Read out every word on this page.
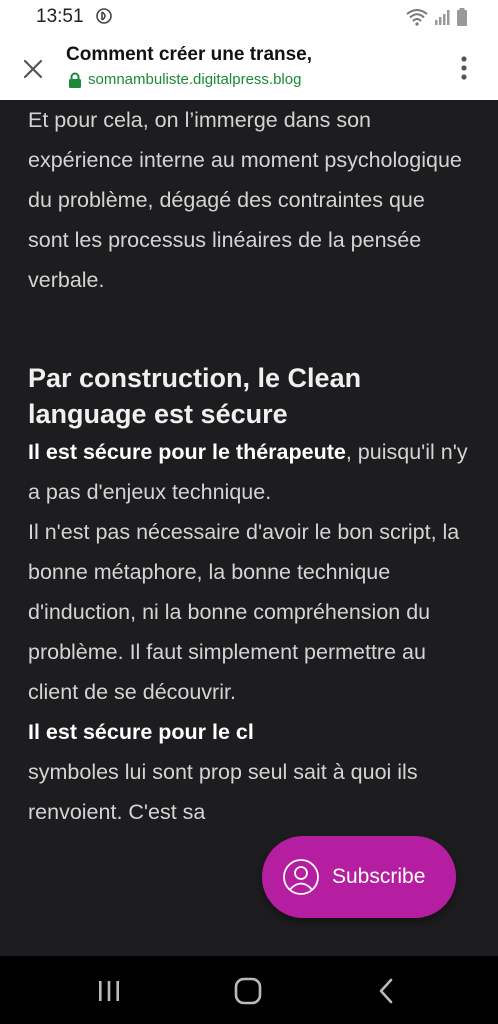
13:51
Comment créer une transe,
somnambuliste.digitalpress.blog

Et pour cela, on l’immerge dans son expérience interne au moment psychologique du problème, dégagé des contraintes que sont les processus linéaires de la pensée verbale.

Par construction, le Clean language est sécure

Il est sécure pour le thérapeute, puisqu'il n'y a pas d'enjeux technique.

Il n'est pas nécessaire d'avoir le bon script, la bonne métaphore, la bonne technique d'induction, ni la bonne compréhension du problème. Il faut simplement permettre au client de se découvrir.

Il est sécure pour le cl
symboles lui sont prop seul sait à quoi ils renvoient. C'est sa

Subscribe
